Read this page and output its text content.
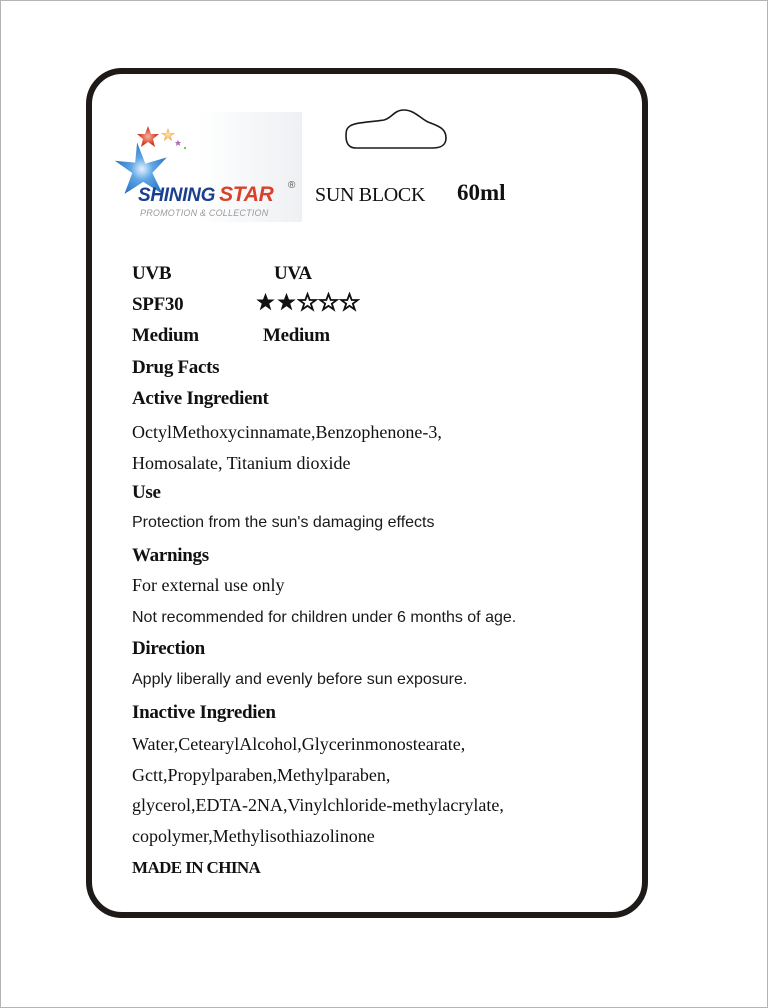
SHINING STAR ®
PROMOTION & COLLECTION
SUN BLOCK 60ml
UVB	UVA
SPF30
Medium	Medium
Drug Facts
Active Ingredient
OctylMethoxycinnamate,Benzophenone-3,
Homosalate, Titanium dioxide
Use
Protection from the sun's damaging effects
Warnings
For external use only
Not recommended for children under 6 months of age.
Direction
Apply liberally and evenly before sun exposure.
Inactive Ingredien
Water,CetearylAlcohol,Glycerinmonostearate,
Gctt,Propylparaben,Methylparaben,
glycerol,EDTA-2NA,Vinylchloride-methylacrylate,
copolymer,Methylisothiazolinone
MADE IN CHINA
